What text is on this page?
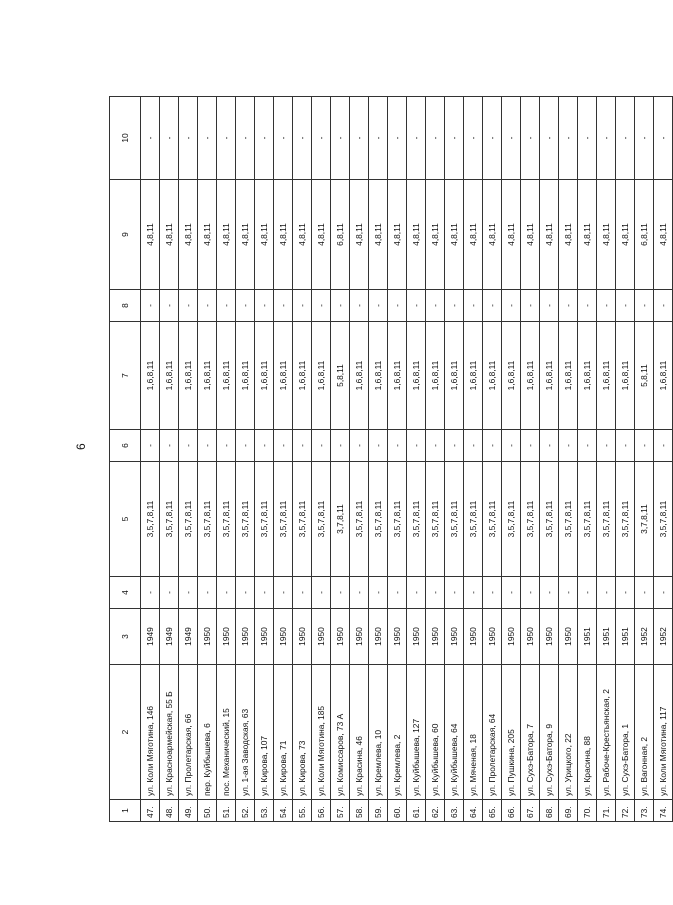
6
1	2	3	4	5	6	7	8	9	10
47.	ул. Коли Мяготина, 146	1949	-	3,5,7,8,11	-	1,6,8,11	-	4,8,11	-
48.	ул. Красноармейская, 55 Б	1949	-	3,5,7,8,11	-	1,6,8,11	-	4,8,11	-
49.	ул. Пролетарская, 66	1949	-	3,5,7,8,11	-	1,6,8,11	-	4,8,11	-
50.	пер. Куйбышева, 6	1950	-	3,5,7,8,11	-	1,6,8,11	-	4,8,11	-
51.	пос. Механический, 15	1950	-	3,5,7,8,11	-	1,6,8,11	-	4,8,11	-
52.	ул. 1-ая Заводская, 63	1950	-	3,5,7,8,11	-	1,6,8,11	-	4,8,11	-
53.	ул. Кирова, 107	1950	-	3,5,7,8,11	-	1,6,8,11	-	4,8,11	-
54.	ул. Кирова, 71	1950	-	3,5,7,8,11	-	1,6,8,11	-	4,8,11	-
55.	ул. Кирова, 73	1950	-	3,5,7,8,11	-	1,6,8,11	-	4,8,11	-
56.	ул. Коли Мяготина, 185	1950	-	3,5,7,8,11	-	1,6,8,11	-	4,8,11	-
57.	ул. Комиссаров, 73 А	1950	-	3,7,8,11	-	5,8,11	-	6,8,11	-
58.	ул. Красина, 46	1950	-	3,5,7,8,11	-	1,6,8,11	-	4,8,11	-
59.	ул. Кремлева, 10	1950	-	3,5,7,8,11	-	1,6,8,11	-	4,8,11	-
60.	ул. Кремлева, 2	1950	-	3,5,7,8,11	-	1,6,8,11	-	4,8,11	-
61.	ул. Куйбышева, 127	1950	-	3,5,7,8,11	-	1,6,8,11	-	4,8,11	-
62.	ул. Куйбышева, 60	1950	-	3,5,7,8,11	-	1,6,8,11	-	4,8,11	-
63.	ул. Куйбышева, 64	1950	-	3,5,7,8,11	-	1,6,8,11	-	4,8,11	-
64.	ул. Мяченая, 18	1950	-	3,5,7,8,11	-	1,6,8,11	-	4,8,11	-
65.	ул. Пролетарская, 64	1950	-	3,5,7,8,11	-	1,6,8,11	-	4,8,11	-
66.	ул. Пушкина, 205	1950	-	3,5,7,8,11	-	1,6,8,11	-	4,8,11	-
67.	ул. Сухэ-Батора, 7	1950	-	3,5,7,8,11	-	1,6,8,11	-	4,8,11	-
68.	ул. Сухэ-Батора, 9	1950	-	3,5,7,8,11	-	1,6,8,11	-	4,8,11	-
69.	ул. Урицкого, 22	1950	-	3,5,7,8,11	-	1,6,8,11	-	4,8,11	-
70.	ул. Красина, 88	1951	-	3,5,7,8,11	-	1,6,8,11	-	4,8,11	-
71.	ул. Рабоче-Крестьянская, 2	1951	-	3,5,7,8,11	-	1,6,8,11	-	4,8,11	-
72.	ул. Сухэ-Батора, 1	1951	-	3,5,7,8,11	-	1,6,8,11	-	4,8,11	-
73.	ул. Вагонная, 2	1952	-	3,7,8,11	-	5,8,11	-	6,8,11	-
74.	ул. Коли Мяготина, 117	1952	-	3,5,7,8,11	-	1,6,8,11	-	4,8,11	-
